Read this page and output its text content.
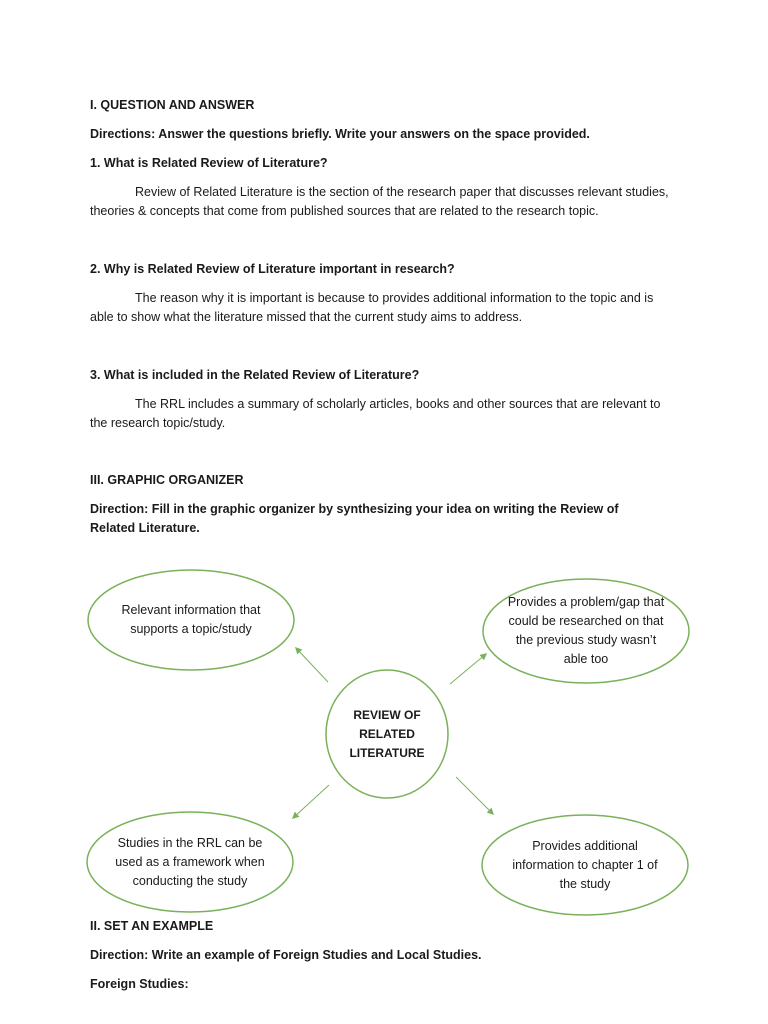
I. QUESTION AND ANSWER
Directions: Answer the questions briefly. Write your answers on the space provided.
1. What is Related Review of Literature?
Review of Related Literature is the section of the research paper that discusses relevant studies, theories & concepts that come from published sources that are related to the research topic.
2. Why is Related Review of Literature important in research?
The reason why it is important is because to provides additional information to the topic and is able to show what the literature missed that the current study aims to address.
3. What is included in the Related Review of Literature?
The RRL includes a summary of scholarly articles, books and other sources that are relevant to the research topic/study.
III. GRAPHIC ORGANIZER
Direction: Fill in the graphic organizer by synthesizing your idea on writing the Review of Related Literature.
Relevant information that supports a topic/study
Provides a problem/gap that could be researched on that the previous study wasn’t able too
REVIEW OF RELATED LITERATURE
Studies in the RRL can be used as a framework when conducting the study
Provides additional information to chapter 1 of the study
II. SET AN EXAMPLE
Direction: Write an example of Foreign Studies and Local Studies.
Foreign Studies:
